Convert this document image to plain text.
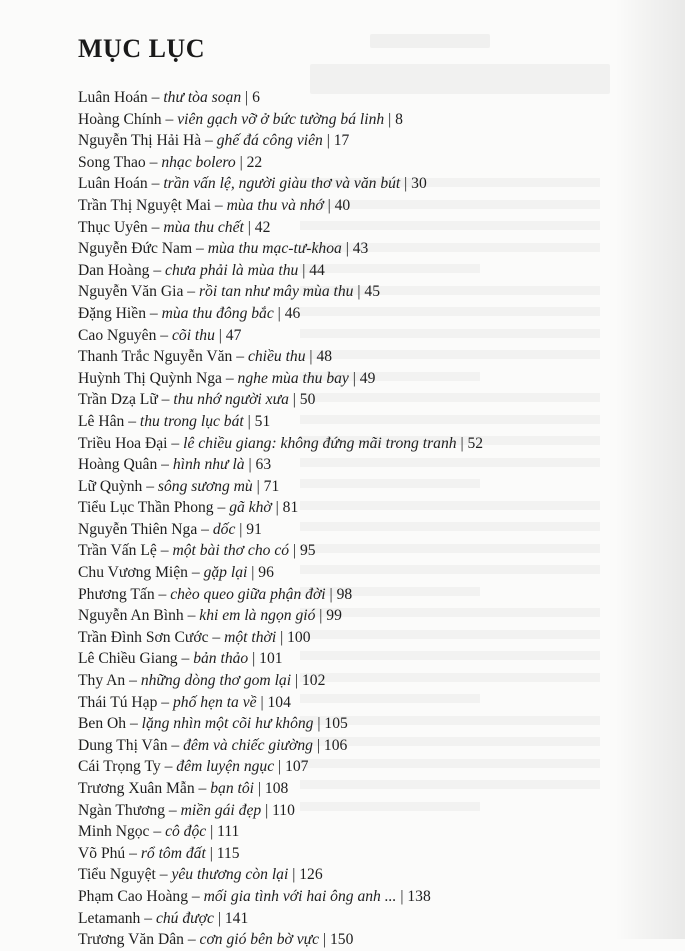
MỤC LỤC
Luân Hoán – thư tòa soạn | 6
Hoàng Chính – viên gạch vỡ ở bức tường bá linh | 8
Nguyễn Thị Hải Hà – ghế đá công viên | 17
Song Thao – nhạc bolero | 22
Luân Hoán – trần vấn lệ, người giàu thơ và văn bút | 30
Trần Thị Nguyệt Mai – mùa thu và nhớ | 40
Thục Uyên – mùa thu chết | 42
Nguyễn Đức Nam – mùa thu mạc-tư-khoa | 43
Dan Hoàng – chưa phải là mùa thu | 44
Nguyễn Văn Gia – rồi tan như mây mùa thu | 45
Đặng Hiền – mùa thu đông bắc | 46
Cao Nguyên – cõi thu | 47
Thanh Trắc Nguyễn Văn – chiều thu | 48
Huỳnh Thị Quỳnh Nga – nghe mùa thu bay | 49
Trần Dzạ Lữ – thu nhớ người xưa | 50
Lê Hân – thu trong lục bát | 51
Triều Hoa Đại – lê chiều giang: không đứng mãi trong tranh | 52
Hoàng Quân – hình như là | 63
Lữ Quỳnh – sông sương mù | 71
Tiểu Lục Thần Phong – gã khờ | 81
Nguyễn Thiên Nga – dốc | 91
Trần Vấn Lệ – một bài thơ cho có | 95
Chu Vương Miện – gặp lại | 96
Phương Tấn – chèo queo giữa phận đời | 98
Nguyễn An Bình – khi em là ngọn gió | 99
Trần Đình Sơn Cước – một thời | 100
Lê Chiều Giang – bản thảo | 101
Thy An – những dòng thơ gom lại | 102
Thái Tú Hạp – phố hẹn ta về | 104
Ben Oh – lặng nhìn một cõi hư không | 105
Dung Thị Vân – đêm và chiếc giường | 106
Cái Trọng Ty – đêm luyện ngục | 107
Trương Xuân Mẫn – bạn tôi | 108
Ngàn Thương – miền gái đẹp | 110
Minh Ngọc – cô độc | 111
Võ Phú – rổ tôm đất | 115
Tiểu Nguyệt – yêu thương còn lại | 126
Phạm Cao Hoàng – mối gia tình với hai ông anh ... | 138
Letamanh – chú được | 141
Trương Văn Dân – cơn gió bên bờ vực | 150
